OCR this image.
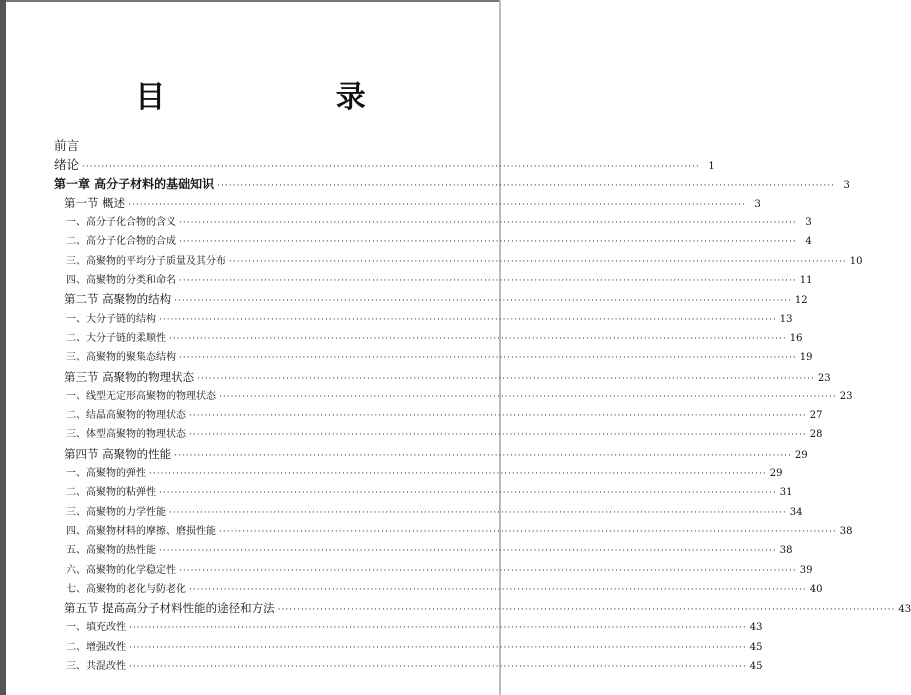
目 录
前言
绪论 ································································································································································ 1
第一章 高分子材料的基础知识 ································································································································································ 3
第一节 概述 ································································································································································ 3
一、高分子化合物的含义 ································································································································································ 3
二、高分子化合物的合成 ································································································································································ 4
三、高聚物的平均分子质量及其分布 ································································································································································ 10
四、高聚物的分类和命名 ································································································································································ 11
第二节 高聚物的结构 ································································································································································ 12
一、大分子链的结构 ································································································································································ 13
二、大分子链的柔顺性 ································································································································································ 16
三、高聚物的聚集态结构 ································································································································································ 19
第三节 高聚物的物理状态 ································································································································································ 23
一、线型无定形高聚物的物理状态 ································································································································································ 23
二、结晶高聚物的物理状态 ································································································································································ 27
三、体型高聚物的物理状态 ································································································································································ 28
第四节 高聚物的性能 ································································································································································ 29
一、高聚物的弹性 ································································································································································ 29
二、高聚物的粘弹性 ································································································································································ 31
三、高聚物的力学性能 ································································································································································ 34
四、高聚物材料的摩擦、磨损性能 ································································································································································ 38
五、高聚物的热性能 ································································································································································ 38
六、高聚物的化学稳定性 ································································································································································ 39
七、高聚物的老化与防老化 ································································································································································ 40
第五节 提高高分子材料性能的途径和方法 ································································································································································ 43
一、填充改性 ································································································································································ 43
二、增强改性 ································································································································································ 45
三、共混改性 ································································································································································ 45
